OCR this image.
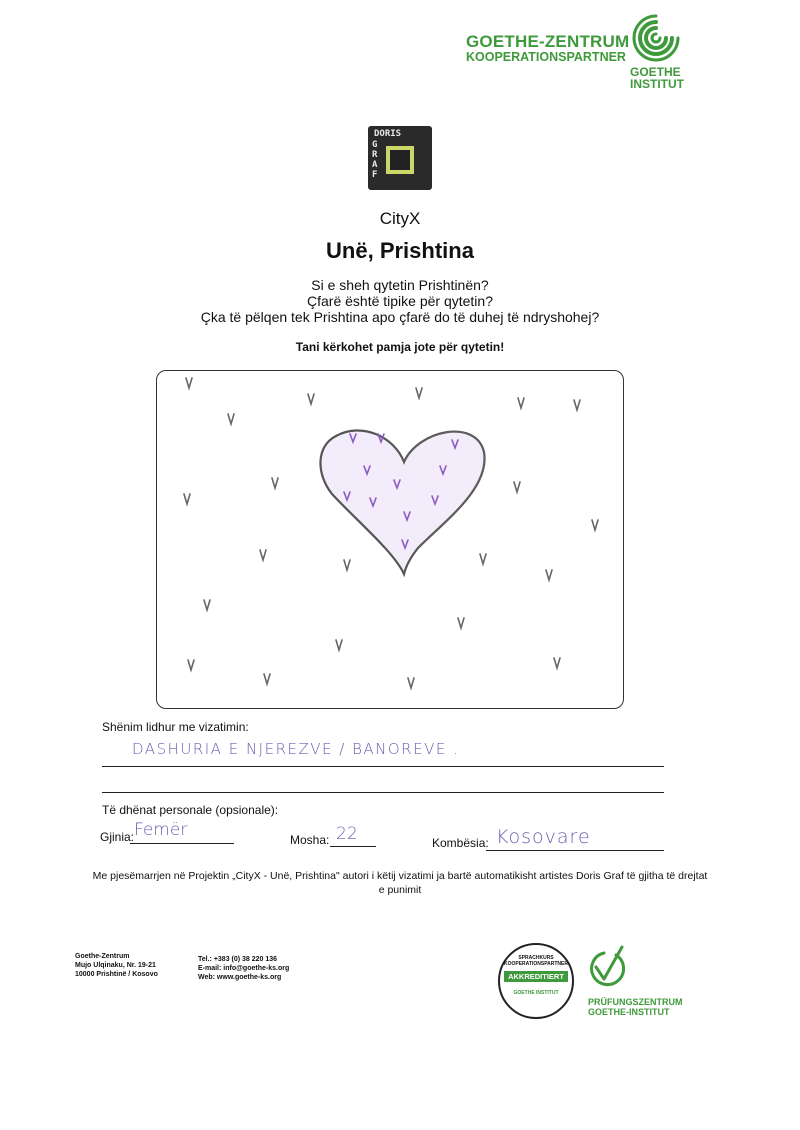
GOETHE-ZENTRUM
KOOPERATIONSPARTNER
GOETHE
INSTITUT
DORIS
G
R
A
F
CityX
Unë, Prishtina
Si e sheh qytetin Prishtinën?
Çfarë është tipike për qytetin?
Çka të pëlqen tek Prishtina apo çfarë do të duhej të ndryshohej?
Tani kërkohet pamja jote për qytetin!
Shënim lidhur me vizatimin:
DASHURIA E NJEREZVE / BANOREVE .
Të dhënat personale (opsionale):
Gjinia: Femër	Mosha: 22	Kombësia: Kosovare
Me pjesëmarrjen në Projektin „CityX - Unë, Prishtina" autori i këtij vizatimi ja bartë automatikisht artistes Doris Graf të gjitha të drejtat e punimit
Goethe-Zentrum
Mujo Ulqinaku, Nr. 19-21
10000 Prishtinë / Kosovo
Tel.: +383 (0) 38 220 136
E-mail: info@goethe-ks.org
Web: www.goethe-ks.org
SPRACHKURS KOOPERATIONSPARTNER
AKKREDITIERT
GOETHE INSTITUT
PRÜFUNGSZENTRUM
GOETHE-INSTITUT
